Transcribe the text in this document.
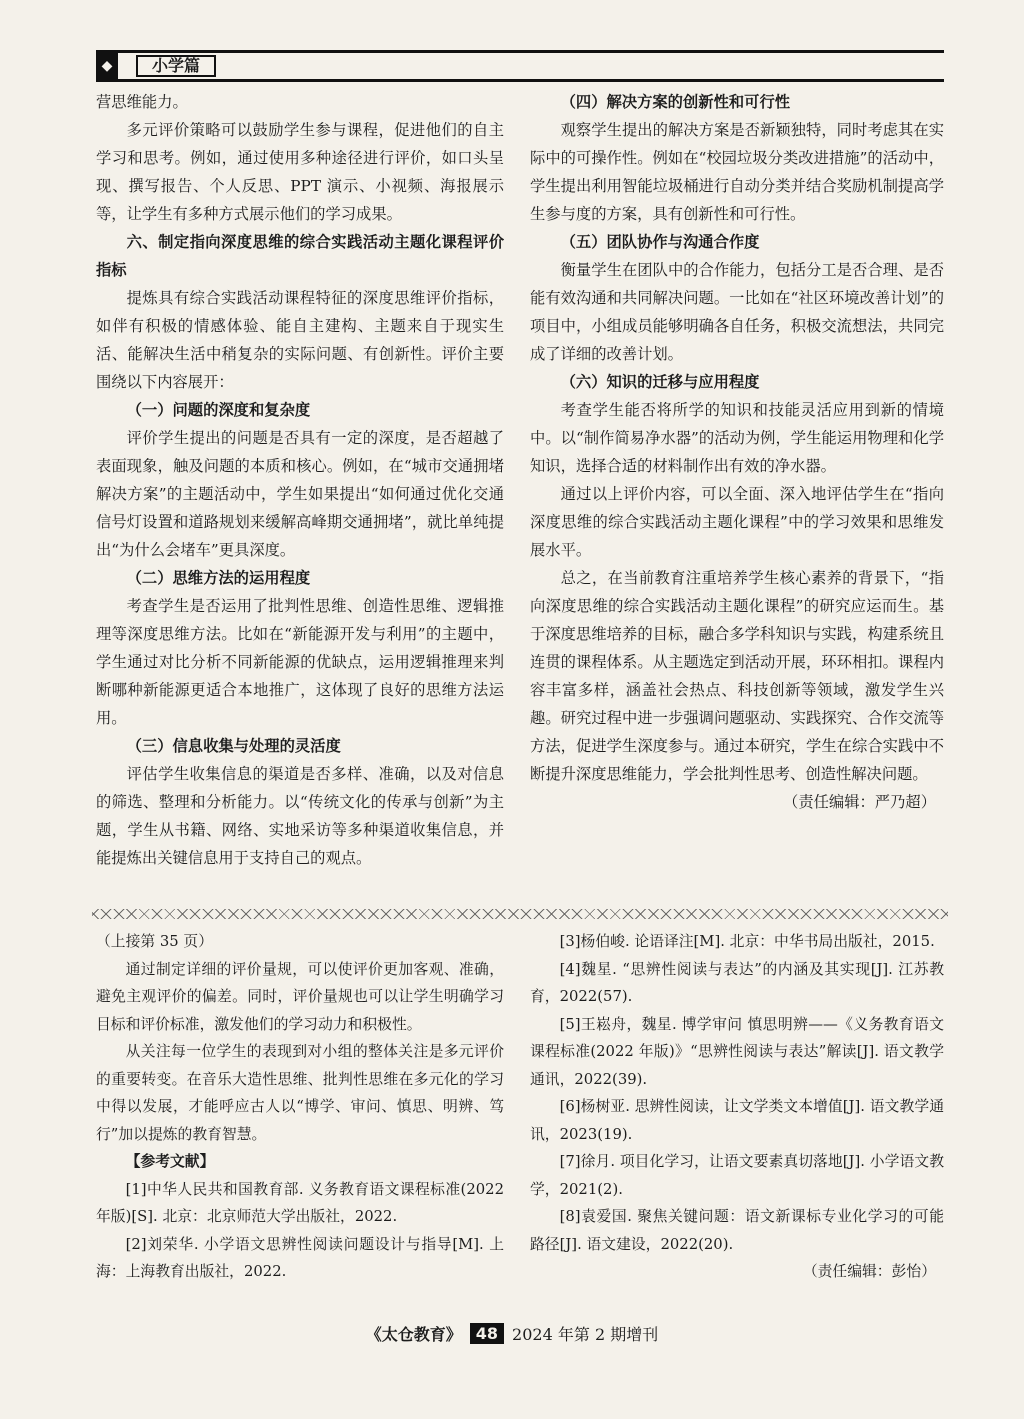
◆	小学篇

营思维能力。

多元评价策略可以鼓励学生参与课程，促进他们的自主学习和思考。例如，通过使用多种途径进行评价，如口头呈现、撰写报告、个人反思、PPT 演示、小视频、海报展示等，让学生有多种方式展示他们的学习成果。

六、制定指向深度思维的综合实践活动主题化课程评价指标

提炼具有综合实践活动课程特征的深度思维评价指标，如伴有积极的情感体验、能自主建构、主题来自于现实生活、能解决生活中稍复杂的实际问题、有创新性。评价主要围绕以下内容展开：

（一）问题的深度和复杂度

评价学生提出的问题是否具有一定的深度，是否超越了表面现象，触及问题的本质和核心。例如，在“城市交通拥堵解决方案”的主题活动中，学生如果提出“如何通过优化交通信号灯设置和道路规划来缓解高峰期交通拥堵”，就比单纯提出“为什么会堵车”更具深度。

（二）思维方法的运用程度

考查学生是否运用了批判性思维、创造性思维、逻辑推理等深度思维方法。比如在“新能源开发与利用”的主题中，学生通过对比分析不同新能源的优缺点，运用逻辑推理来判断哪种新能源更适合本地推广，这体现了良好的思维方法运用。

（三）信息收集与处理的灵活度

评估学生收集信息的渠道是否多样、准确，以及对信息的筛选、整理和分析能力。以“传统文化的传承与创新”为主题，学生从书籍、网络、实地采访等多种渠道收集信息，并能提炼出关键信息用于支持自己的观点。

（四）解决方案的创新性和可行性

观察学生提出的解决方案是否新颖独特，同时考虑其在实际中的可操作性。例如在“校园垃圾分类改进措施”的活动中，学生提出利用智能垃圾桶进行自动分类并结合奖励机制提高学生参与度的方案，具有创新性和可行性。

（五）团队协作与沟通合作度

衡量学生在团队中的合作能力，包括分工是否合理、是否能有效沟通和共同解决问题。一比如在“社区环境改善计划”的项目中，小组成员能够明确各自任务，积极交流想法，共同完成了详细的改善计划。

（六）知识的迁移与应用程度

考查学生能否将所学的知识和技能灵活应用到新的情境中。以“制作简易净水器”的活动为例，学生能运用物理和化学知识，选择合适的材料制作出有效的净水器。

通过以上评价内容，可以全面、深入地评估学生在“指向深度思维的综合实践活动主题化课程”中的学习效果和思维发展水平。

总之，在当前教育注重培养学生核心素养的背景下，“指向深度思维的综合实践活动主题化课程”的研究应运而生。基于深度思维培养的目标，融合多学科知识与实践，构建系统且连贯的课程体系。从主题选定到活动开展，环环相扣。课程内容丰富多样，涵盖社会热点、科技创新等领域，激发学生兴趣。研究过程中进一步强调问题驱动、实践探究、合作交流等方法，促进学生深度参与。通过本研究，学生在综合实践中不断提升深度思维能力，学会批判性思考、创造性解决问题。

（责任编辑：严乃超）

（上接第 35 页）

通过制定详细的评价量规，可以使评价更加客观、准确，避免主观评价的偏差。同时，评价量规也可以让学生明确学习目标和评价标准，激发他们的学习动力和积极性。

从关注每一位学生的表现到对小组的整体关注是多元评价的重要转变。在音乐大造性思维、批判性思维在多元化的学习中得以发展，才能呼应古人以“博学、审问、慎思、明辨、笃行”加以提炼的教育智慧。

【参考文献】

[1]中华人民共和国教育部. 义务教育语文课程标准(2022 年版)[S]. 北京：北京师范大学出版社，2022.

[2]刘荣华. 小学语文思辨性阅读问题设计与指导[M]. 上海：上海教育出版社，2022.

[3]杨伯峻. 论语译注[M]. 北京：中华书局出版社，2015.

[4]魏星. “思辨性阅读与表达”的内涵及其实现[J]. 江苏教育，2022(57).

[5]王崧舟，魏星. 博学审问 慎思明辨——《义务教育语文课程标准(2022 年版)》“思辨性阅读与表达”解读[J]. 语文教学通讯，2022(39).

[6]杨树亚. 思辨性阅读，让文学类文本增值[J]. 语文教学通讯，2023(19).

[7]徐月. 项目化学习，让语文要素真切落地[J]. 小学语文教学，2021(2).

[8]袁爱国. 聚焦关键问题：语文新课标专业化学习的可能路径[J]. 语文建设，2022(20).

（责任编辑：彭怡）

《太仓教育》 48 2024 年第 2 期增刊
